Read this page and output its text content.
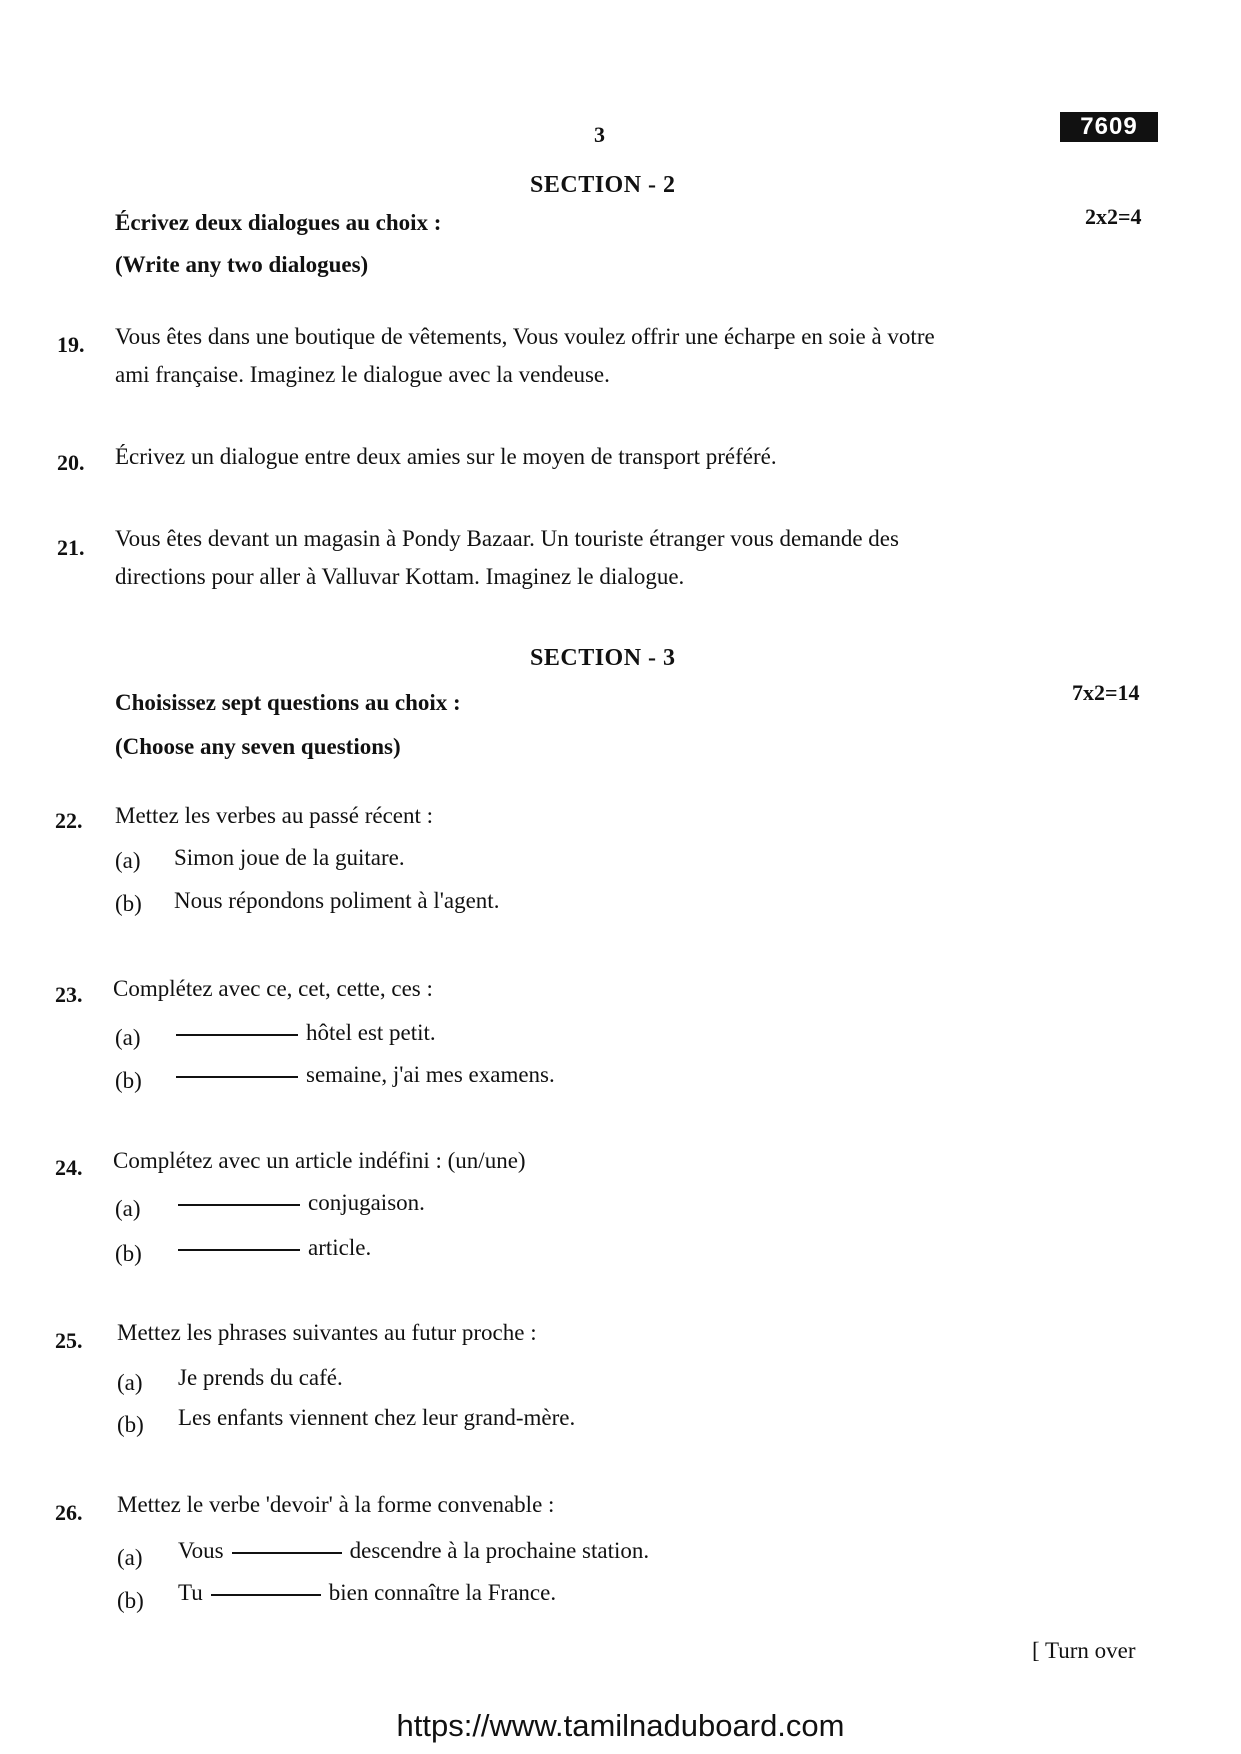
3	7609
SECTION - 2
Écrivez deux dialogues au choix :	2x2=4
(Write any two dialogues)
19. Vous êtes dans une boutique de vêtements, Vous voulez offrir une écharpe en soie à votre
ami française. Imaginez le dialogue avec la vendeuse.
20. Écrivez un dialogue entre deux amies sur le moyen de transport préféré.
21. Vous êtes devant un magasin à Pondy Bazaar. Un touriste étranger vous demande des
directions pour aller à Valluvar Kottam. Imaginez le dialogue.
SECTION - 3
Choisissez sept questions au choix :	7x2=14
(Choose any seven questions)
22. Mettez les verbes au passé récent :
(a) Simon joue de la guitare.
(b) Nous répondons poliment à l'agent.
23. Complétez avec ce, cet, cette, ces :
(a)	hôtel est petit.
(b)	semaine, j'ai mes examens.
24. Complétez avec un article indéfini : (un/une)
(a)	conjugaison.
(b)	article.
25. Mettez les phrases suivantes au futur proche :
(a) Je prends du café.
(b) Les enfants viennent chez leur grand-mère.
26. Mettez le verbe 'devoir' à la forme convenable :
(a) Vous	descendre à la prochaine station.
(b) Tu	bien connaître la France.
[ Turn over
https://www.tamilnaduboard.com
